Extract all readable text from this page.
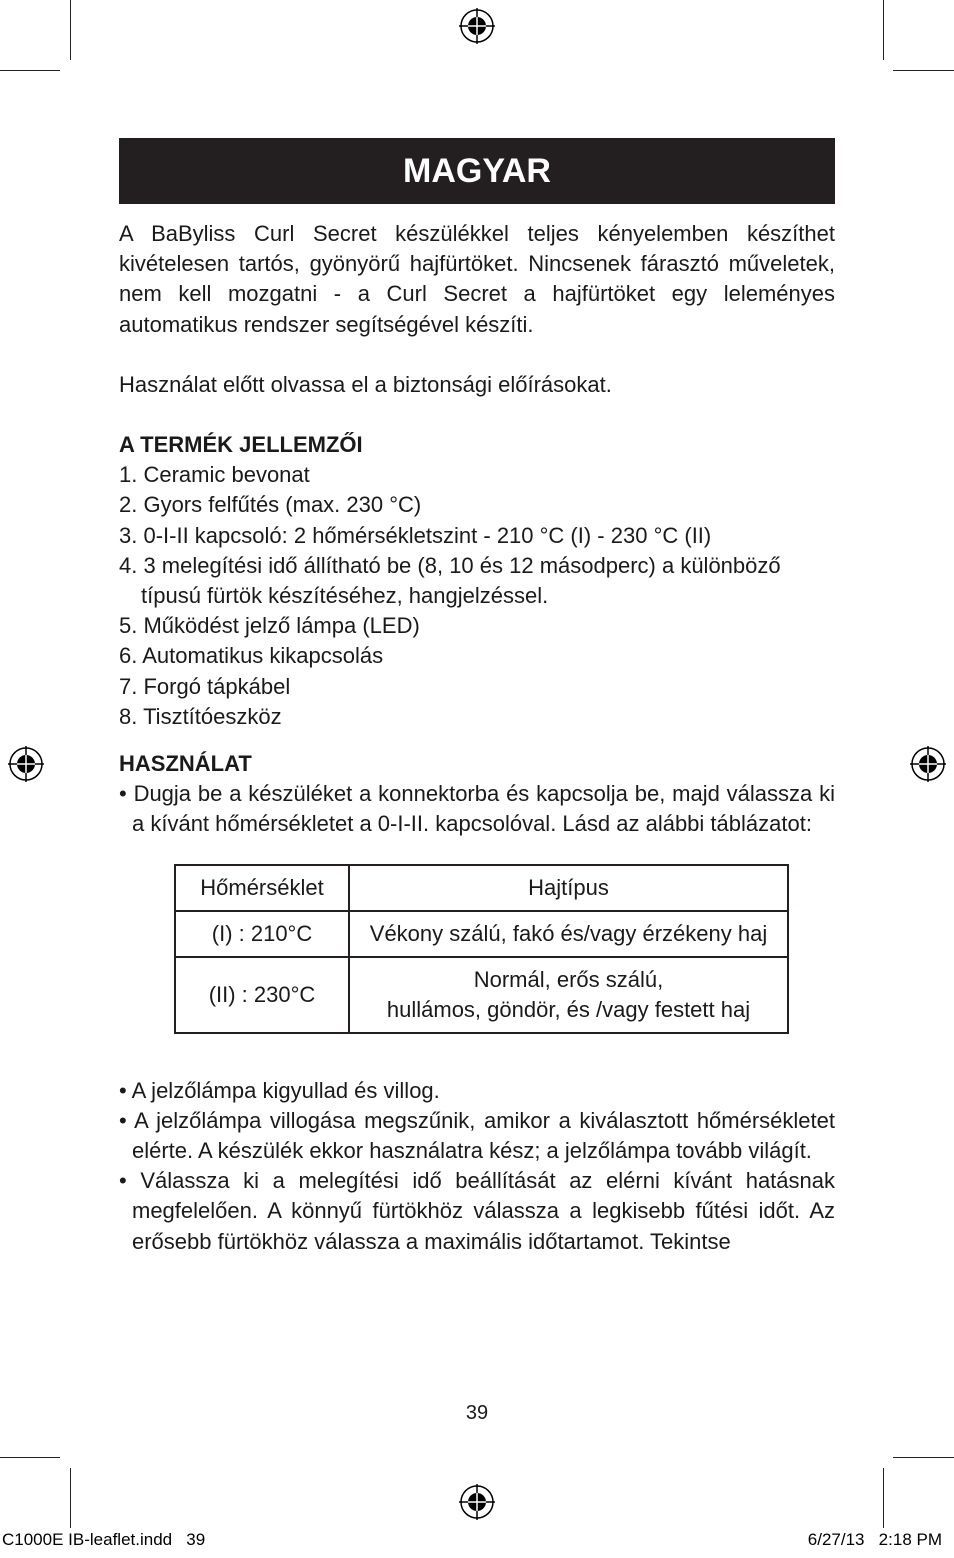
MAGYAR

A BaByliss Curl Secret készülékkel teljes kényelemben készíthet kivételesen tartós, gyönyörű hajfürtöket. Nincsenek fárasztó műveletek, nem kell mozgatni - a Curl Secret a hajfürtöket egy leleményes automatikus rendszer segítségével készíti.

Használat előtt olvassa el a biztonsági előírásokat.

A TERMÉK JELLEMZŐI

1. Ceramic bevonat

2. Gyors felfűtés (max. 230 °C)

3. 0-I-II kapcsoló: 2 hőmérsékletszint - 210 °C (I) - 230 °C (II)

4. 3 melegítési idő állítható be (8, 10 és 12 másodperc) a különböző típusú fürtök készítéséhez, hangjelzéssel.

5. Működést jelző lámpa (LED)

6. Automatikus kikapcsolás

7. Forgó tápkábel

8. Tisztítóeszköz

HASZNÁLAT

• Dugja be a készüléket a konnektorba és kapcsolja be, majd válassza ki a kívánt hőmérsékletet a 0-I-II. kapcsolóval. Lásd az alábbi táblázatot:

Hőmérséklet	Hajtípus
(I) : 210°C	Vékony szálú, fakó és/vagy érzékeny haj
(II) : 230°C	Normál, erős szálú,
hullámos, göndör, és /vagy festett haj

• A jelzőlámpa kigyullad és villog.

• A jelzőlámpa villogása megszűnik, amikor a kiválasztott hőmérsékletet elérte. A készülék ekkor használatra kész; a jelzőlámpa tovább világít.

• Válassza ki a melegítési idő beállítását az elérni kívánt hatásnak megfelelően. A könnyű fürtökhöz válassza a legkisebb fűtési időt. Az erősebb fürtökhöz válassza a maximális időtartamot. Tekintse

39
C1000E IB-leaflet.indd   39	6/27/13   2:18 PM
